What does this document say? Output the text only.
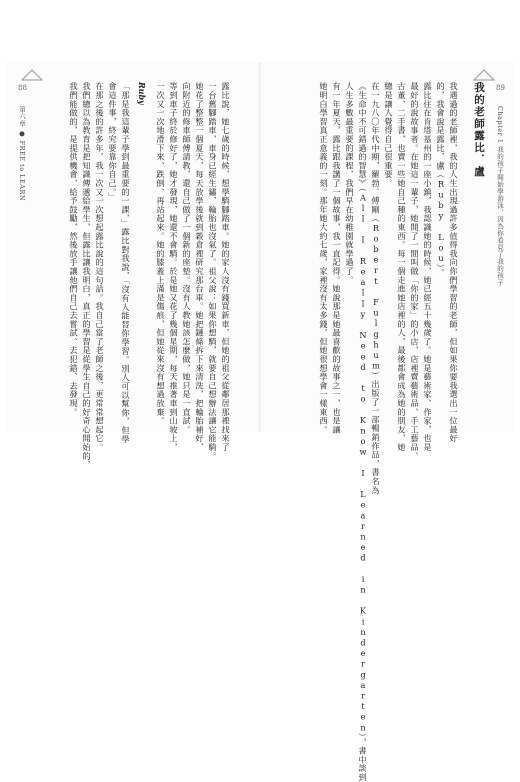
88
第六章 ● FREE to LEARN	露比說，她七歲的時候，想學騎腳踏車。她的家人沒有錢買新車，但她的祖父從鄰居那裡找來了
一台舊腳踏車，車身已經生鏽，輪胎也沒氣了。祖父說：如果你想騎，就要自己想辦法讓它能騎。
她花了整整一個夏天，每天放學後就到穀倉裡研究那台車。她把鏈條拆下來清洗，把輪胎補好，
向附近的修車師傅請教，還自己做了一個新的座墊。沒有人教她該怎麼做，她只是一直試。
等到車子終於修好了，她才發現，她還不會騎。於是她又花了幾個星期，每天推著車到山坡上，
一次又一次地滑下來、跌倒、再站起來。她的膝蓋上滿是傷痕，但她從來沒有想過放棄。
Ruby
「那是我這輩子學到最重要的一課，」露比對我說，「沒有人能替你學習。別人可以幫你，但學
會這件事，終究要靠你自己。」
在那之後的許多年，我一次又一次想起露比說的這句話。我自己當了老師之後，更常常想起它。
我們總以為教育是把知識傳遞給學生，但露比讓我明白，真正的學習是從學生自己的好奇心開始的，
我們能做的，是提供機會、給予鼓勵，然後放手讓他們自己去嘗試、去犯錯、去發現。	89
Chapter 1 我的孩子開始學游泳，因為你看見了我的孩子
我的老師露比．盧
我遇過的老師裡，我的人生出現過許多值得我向你們學習的老師，但如果你要我選出一位最好
的，我會說是露比，盧（Ruby Lou）。
露比住在肯塔基州的一座小鎮，我認識她的時候，她已經五十幾歲了。她是藝術家、作家，也是
最好的說故事者。在她這一輩子，她開了一間叫做「你的家」的小店，店裡賣藝術品、手工藝品、
古董、二手書，也賣一些她自己種的東西。每一個走進她店裡的人，最後都會成為她的朋友，她
總是讓人覺得自己很重要。
在一九八〇年代中期，羅勃．傅剛（Robert Fulghum）出版了一部暢銷作品，書名為
《生命中不可錯過的智慧》（All I Really Need to Know I Learned in Kindergarten），書中談到
人生多數最重要的課程，我們早在幼稚園就學過了。
有一年夏天，露比跟我講了一個故事，我一直記得。她說那是她最喜歡的故事之一，也是讓
她明白學習真正意義的一刻。那年她大約七歲，家裡沒有太多錢，但她很想學會一樣東西。
